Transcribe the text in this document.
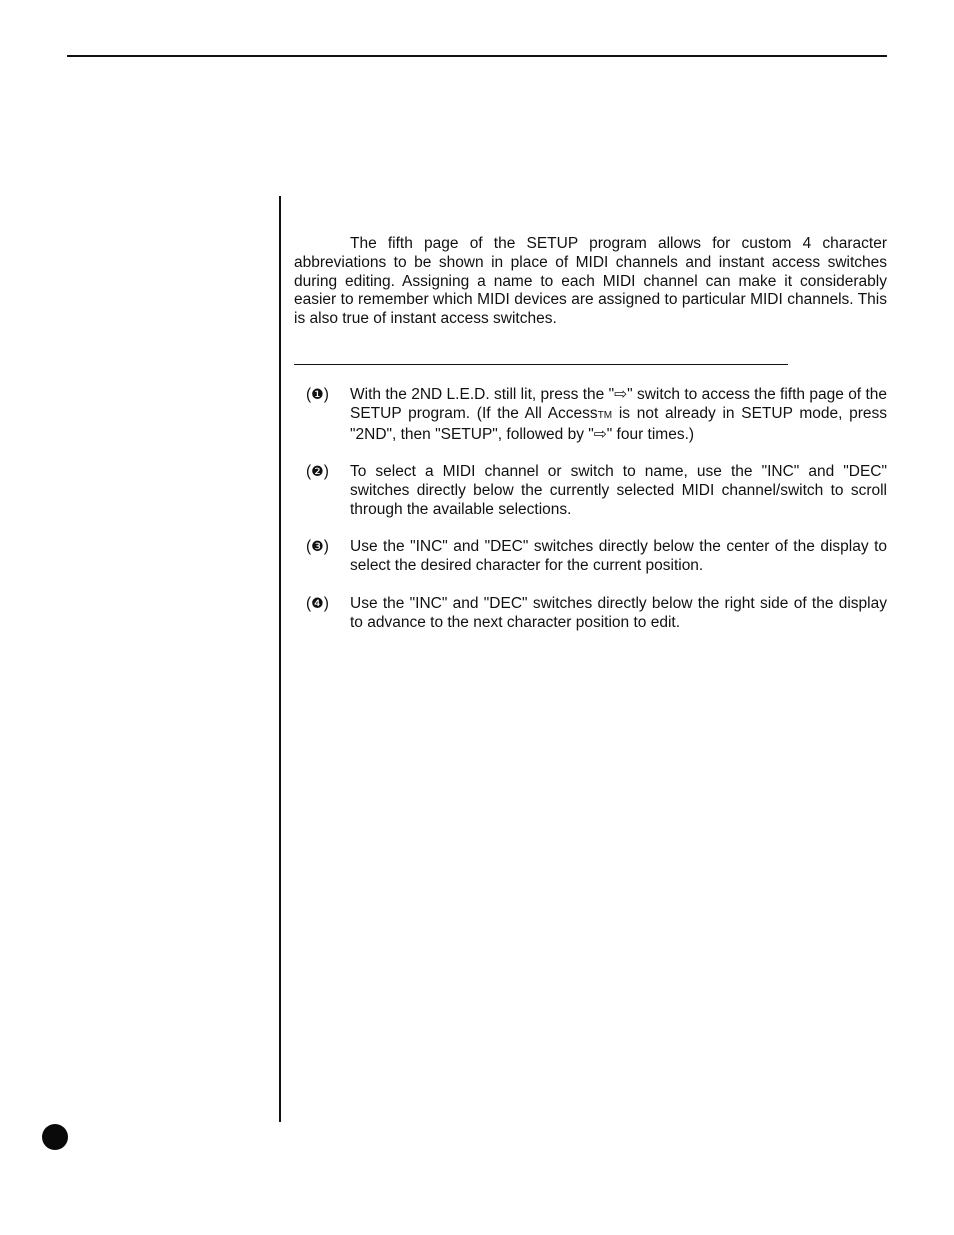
The fifth page of the SETUP program allows for custom 4 character abbreviations to be shown in place of MIDI channels and instant access switches during editing. Assigning a name to each MIDI channel can make it considerably easier to remember which MIDI devices are assigned to particular MIDI channels. This is also true of instant access switches.

(❶) With the 2ND L.E.D. still lit, press the "⇨" switch to access the fifth page of the SETUP program. (If the All AccessTM is not already in SETUP mode, press "2ND", then "SETUP", followed by "⇨" four times.)
(❷) To select a MIDI channel or switch to name, use the "INC" and "DEC" switches directly below the currently selected MIDI channel/switch to scroll through the available selections.
(❸) Use the "INC" and "DEC" switches directly below the center of the display to select the desired character for the current position.
(❹) Use the "INC" and "DEC" switches directly below the right side of the display to advance to the next character position to edit.
